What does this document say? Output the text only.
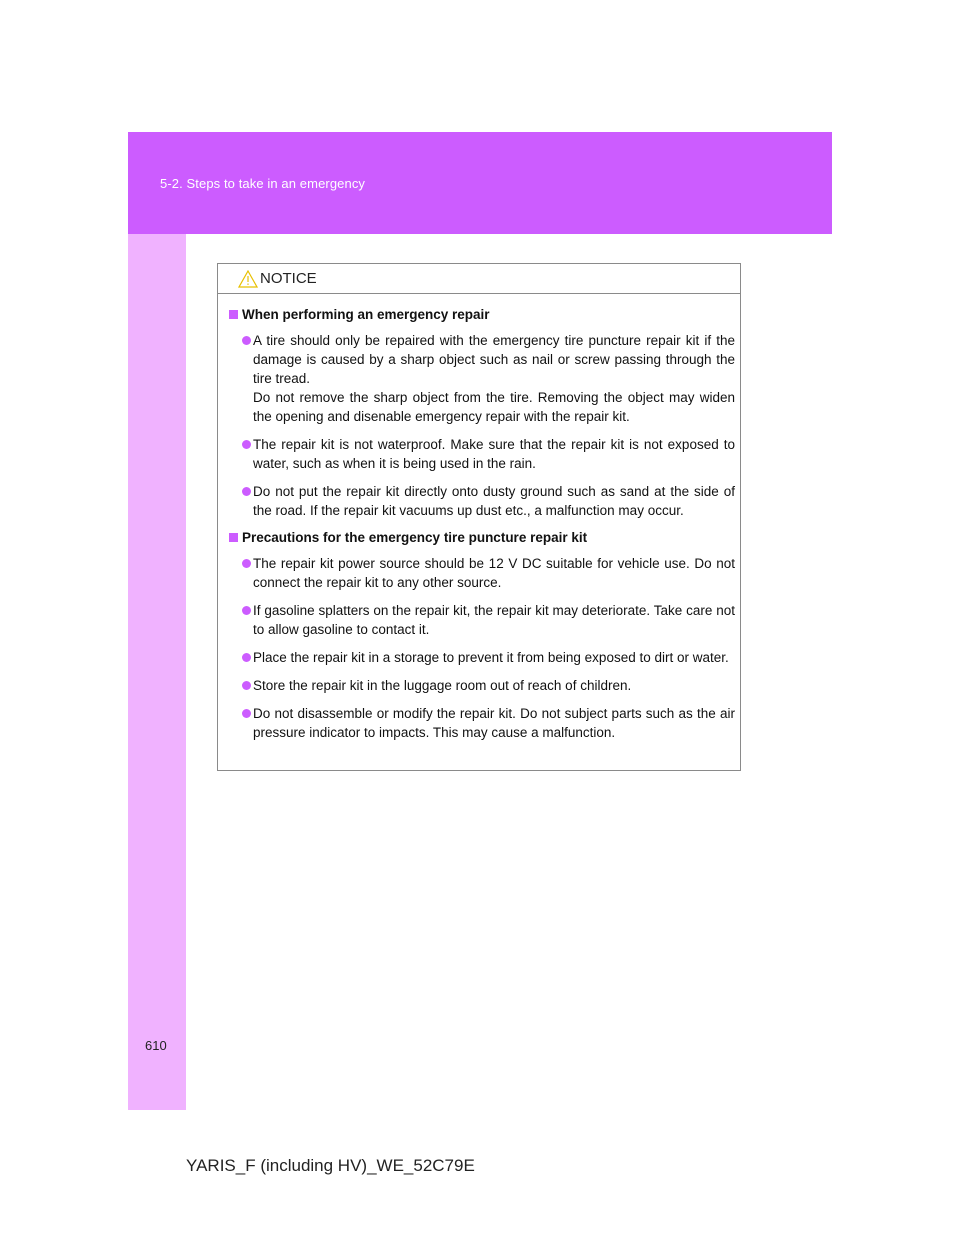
5-2. Steps to take in an emergency
610
YARIS_F (including HV)_WE_52C79E
NOTICE
When performing an emergency repair
A tire should only be repaired with the emergency tire puncture repair kit if the damage is caused by a sharp object such as nail or screw passing through the tire tread.
Do not remove the sharp object from the tire. Removing the object may widen the opening and disenable emergency repair with the repair kit.
The repair kit is not waterproof. Make sure that the repair kit is not exposed to water, such as when it is being used in the rain.
Do not put the repair kit directly onto dusty ground such as sand at the side of the road. If the repair kit vacuums up dust etc., a malfunction may occur.
Precautions for the emergency tire puncture repair kit
The repair kit power source should be 12 V DC suitable for vehicle use. Do not connect the repair kit to any other source.
If gasoline splatters on the repair kit, the repair kit may deteriorate. Take care not to allow gasoline to contact it.
Place the repair kit in a storage to prevent it from being exposed to dirt or water.
Store the repair kit in the luggage room out of reach of children.
Do not disassemble or modify the repair kit. Do not subject parts such as the air pressure indicator to impacts. This may cause a malfunction.
